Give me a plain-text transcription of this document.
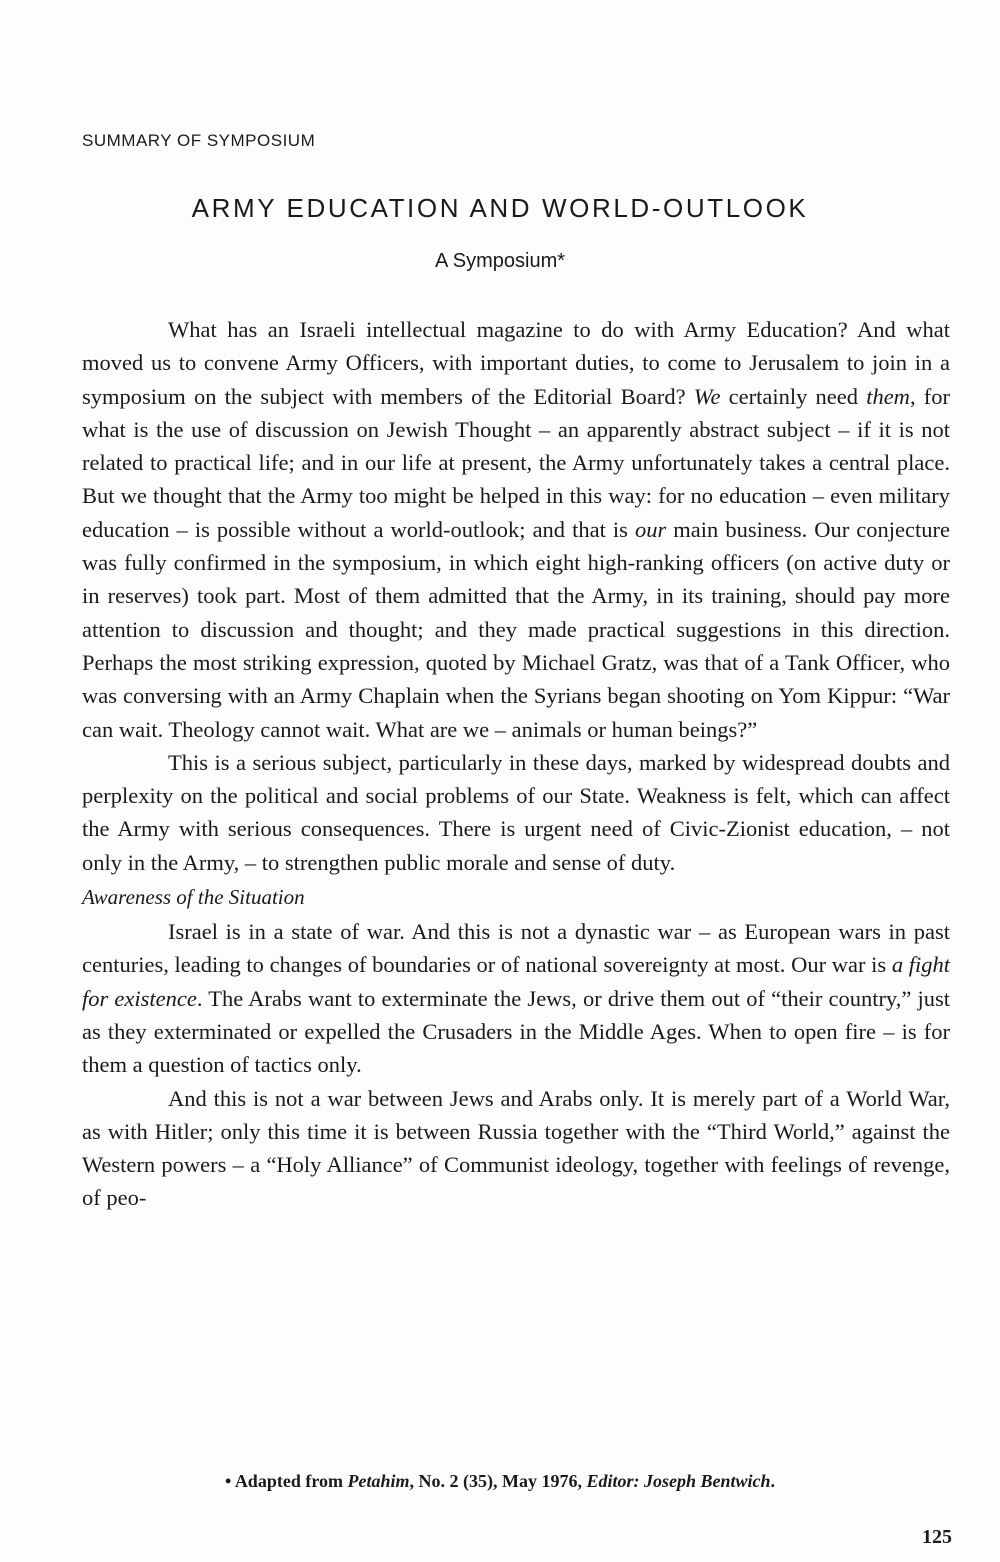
SUMMARY OF SYMPOSIUM
ARMY EDUCATION AND WORLD-OUTLOOK
A Symposium*

What has an Israeli intellectual magazine to do with Army Education? And what moved us to convene Army Officers, with important duties, to come to Jerusalem to join in a symposium on the subject with members of the Editorial Board? We certainly need them, for what is the use of discussion on Jewish Thought – an apparently abstract subject – if it is not related to practical life; and in our life at present, the Army unfortunately takes a central place. But we thought that the Army too might be helped in this way: for no education – even military education – is possible without a world-outlook; and that is our main business. Our conjecture was fully confirmed in the symposium, in which eight high-ranking officers (on active duty or in reserves) took part. Most of them admitted that the Army, in its training, should pay more attention to discussion and thought; and they made practical suggestions in this direction. Perhaps the most striking expression, quoted by Michael Gratz, was that of a Tank Officer, who was conversing with an Army Chaplain when the Syrians began shooting on Yom Kippur: “War can wait. Theology cannot wait. What are we – animals or human beings?”

This is a serious subject, particularly in these days, marked by widespread doubts and perplexity on the political and social problems of our State. Weakness is felt, which can affect the Army with serious consequences. There is urgent need of Civic-Zionist education, – not only in the Army, – to strengthen public morale and sense of duty.

Awareness of the Situation

Israel is in a state of war. And this is not a dynastic war – as European wars in past centuries, leading to changes of boundaries or of national sovereignty at most. Our war is a fight for existence. The Arabs want to exterminate the Jews, or drive them out of “their country,” just as they exterminated or expelled the Crusaders in the Middle Ages. When to open fire – is for them a question of tactics only.

And this is not a war between Jews and Arabs only. It is merely part of a World War, as with Hitler; only this time it is between Russia together with the “Third World,” against the Western powers – a “Holy Alliance” of Communist ideology, together with feelings of revenge, of peo-

• Adapted from Petahim, No. 2 (35), May 1976, Editor: Joseph Bentwich.
125
